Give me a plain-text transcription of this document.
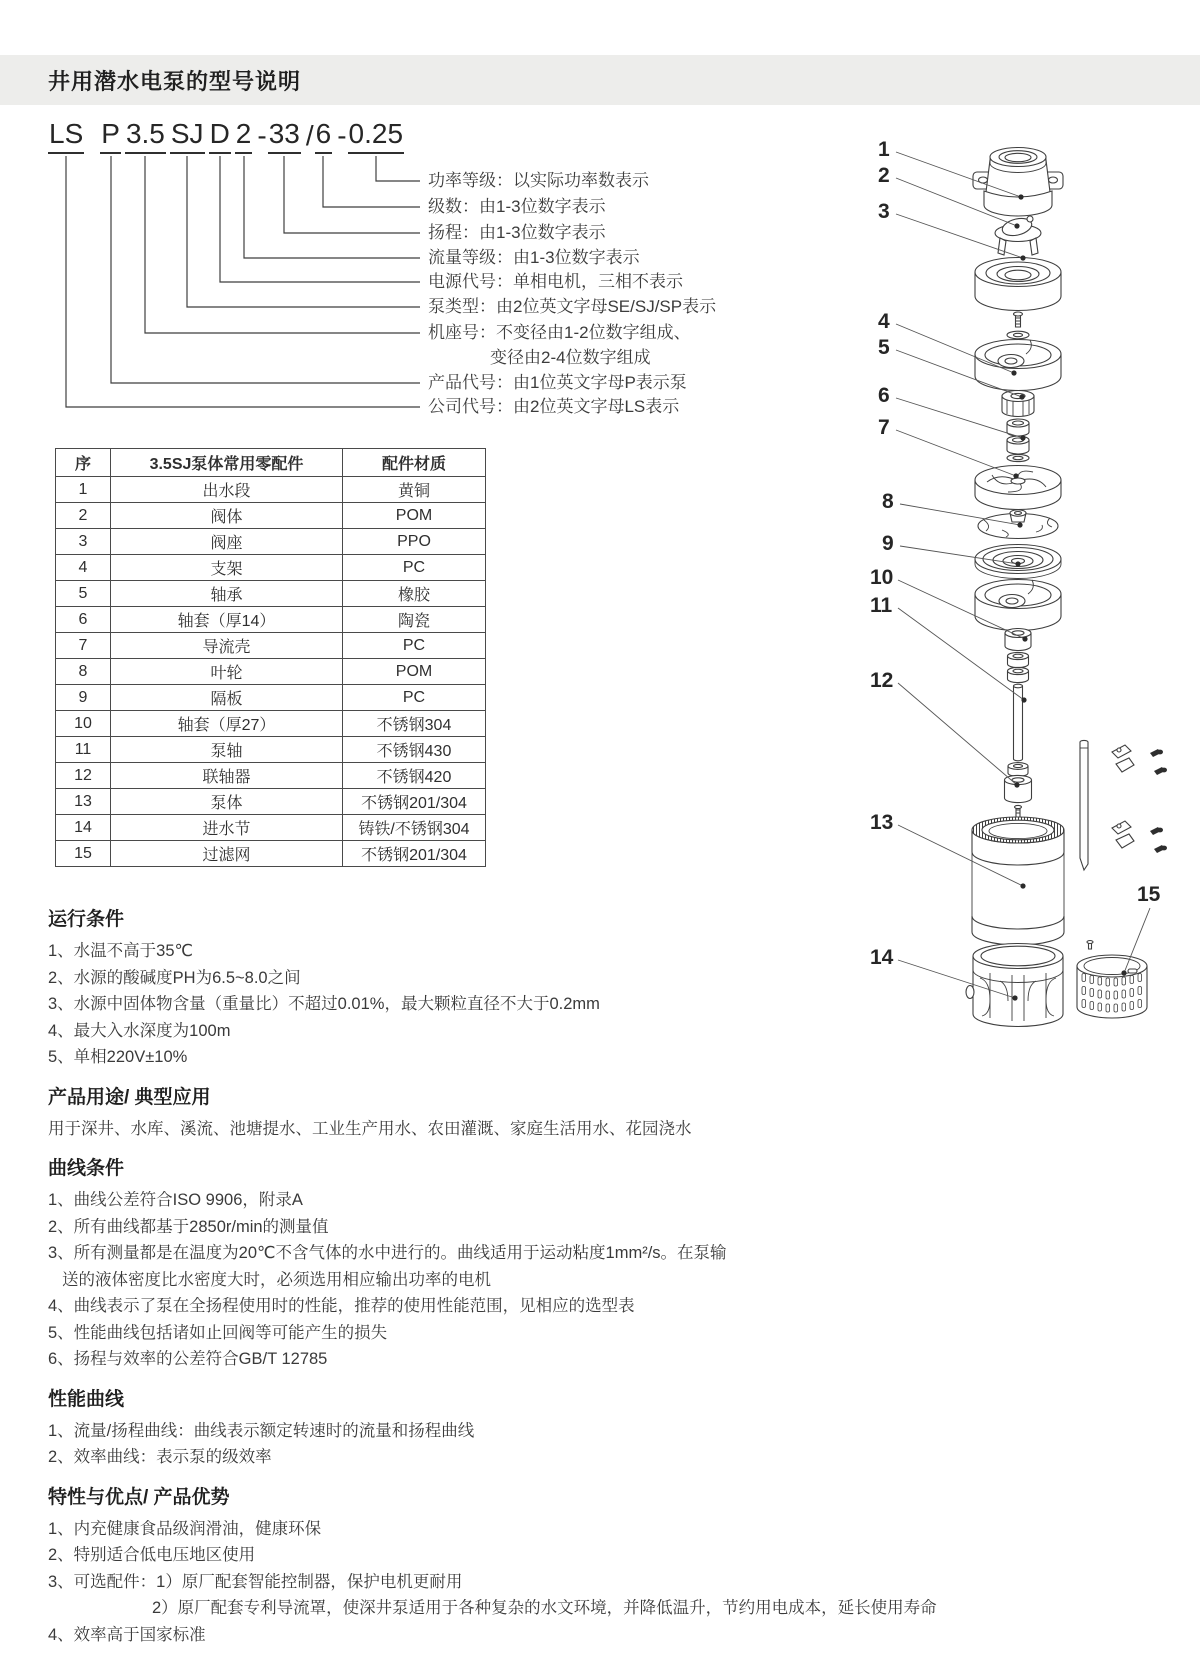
井用潜水电泵的型号说明
LS P 3.5 SJ D 2 - 33 / 6 - 0.25
功率等级：以实际功率数表示
级数：由1-3位数字表示
扬程：由1-3位数字表示
流量等级：由1-3位数字表示
电源代号：单相电机，三相不表示
泵类型：由2位英文字母SE/SJ/SP表示
机座号：不变径由1-2位数字组成、
变径由2-4位数字组成
产品代号：由1位英文字母P表示泵
公司代号：由2位英文字母LS表示
序	3.5SJ泵体常用零配件	配件材质
1	出水段	黄铜
2	阀体	POM
3	阀座	PPO
4	支架	PC
5	轴承	橡胶
6	轴套（厚14）	陶瓷
7	导流壳	PC
8	叶轮	POM
9	隔板	PC
10	轴套（厚27）	不锈钢304
11	泵轴	不锈钢430
12	联轴器	不锈钢420
13	泵体	不锈钢201/304
14	进水节	铸铁/不锈钢304
15	过滤网	不锈钢201/304
1
2
3
4
5
6
7
8
9
10
11
12
13
14
15
运行条件
1、水温不高于35℃
2、水源的酸碱度PH为6.5~8.0之间
3、水源中固体物含量（重量比）不超过0.01%，最大颗粒直径不大于0.2mm
4、最大入水深度为100m
5、单相220V±10%
产品用途/ 典型应用
用于深井、水库、溪流、池塘提水、工业生产用水、农田灌溉、家庭生活用水、花园浇水
曲线条件
1、曲线公差符合ISO 9906，附录A
2、所有曲线都基于2850r/min的测量值
3、所有测量都是在温度为20℃不含气体的水中进行的。曲线适用于运动粘度1mm²/s。在泵输
送的液体密度比水密度大时，必须选用相应输出功率的电机
4、曲线表示了泵在全扬程使用时的性能，推荐的使用性能范围，见相应的选型表
5、性能曲线包括诸如止回阀等可能产生的损失
6、扬程与效率的公差符合GB/T 12785
性能曲线
1、流量/扬程曲线：曲线表示额定转速时的流量和扬程曲线
2、效率曲线：表示泵的级效率
特性与优点/ 产品优势
1、内充健康食品级润滑油，健康环保
2、特别适合低电压地区使用
3、可选配件：1）原厂配套智能控制器，保护电机更耐用
2）原厂配套专利导流罩，使深井泵适用于各种复杂的水文环境，并降低温升，节约用电成本，延长使用寿命
4、效率高于国家标准
